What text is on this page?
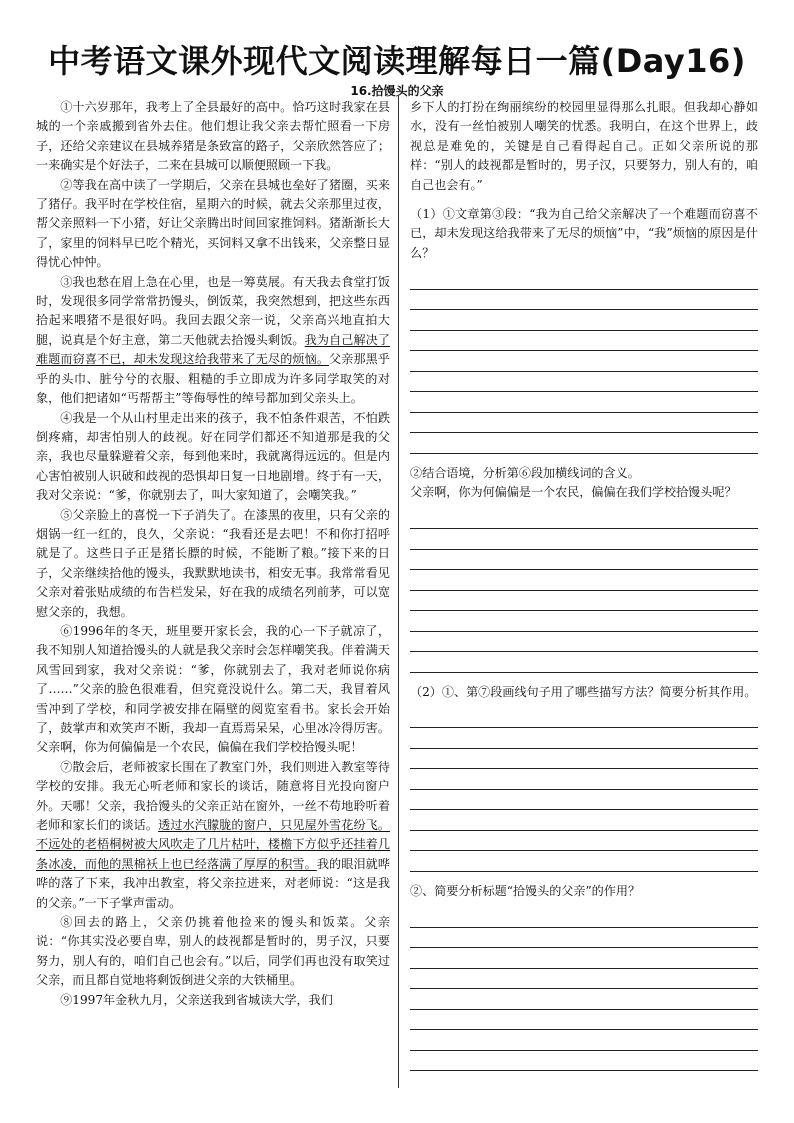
中考语文课外现代文阅读理解每日一篇(Day16)
16.拾馒头的父亲

①十六岁那年，我考上了全县最好的高中。恰巧这时我家在县城的一个亲戚搬到省外去住。他们想让我父亲去帮忙照看一下房子，还给父亲建议在县城养猪是条致富的路子，父亲欣然答应了；一来确实是个好法子，二来在县城可以顺便照顾一下我。

②等我在高中读了一学期后，父亲在县城也垒好了猪圈，买来了猪仔。我平时在学校住宿，星期六的时候，就去父亲那里过夜，帮父亲照料一下小猪，好让父亲腾出时间回家推饲料。猪渐渐长大了，家里的饲料早已吃个精光，买饲料又拿不出钱来，父亲整日显得忧心忡忡。

③我也愁在眉上急在心里，也是一筹莫展。有天我去食堂打饭时，发现很多同学常常扔馒头，倒饭菜，我突然想到，把这些东西拾起来喂猪不是很好吗。我回去跟父亲一说，父亲高兴地直拍大腿，说真是个好主意，第二天他就去拾馒头剩饭。我为自己解决了难题而窃喜不已，却未发现这给我带来了无尽的烦恼。父亲那黑乎乎的头巾、脏兮兮的衣服、粗糙的手立即成为许多同学取笑的对象，他们把诸如“丐帮帮主”等侮辱性的绰号都加到父亲头上。

④我是一个从山村里走出来的孩子，我不怕条件艰苦，不怕跌倒疼痛，却害怕别人的歧视。好在同学们都还不知道那是我的父亲，我也尽量躲避着父亲，每到他来时，我就离得远远的。但是内心害怕被别人识破和歧视的恐惧却日复一日地剧增。终于有一天，我对父亲说：“爹，你就别去了，叫大家知道了，会嘲笑我。”

⑤父亲脸上的喜悦一下子消失了。在漆黑的夜里，只有父亲的烟锅一红一红的，良久，父亲说：“我看还是去吧！不和你打招呼就是了。这些日子正是猪长膘的时候，不能断了粮。”接下来的日子，父亲继续拾他的馒头，我默默地读书，相安无事。我常常看见父亲对着张贴成绩的布告栏发呆，好在我的成绩名列前茅，可以宽慰父亲的，我想。

⑥1996年的冬天，班里要开家长会，我的心一下子就凉了，我不知别人知道拾馒头的人就是我父亲时会怎样嘲笑我。伴着满天风雪回到家，我对父亲说：“爹，你就别去了，我对老师说你病了……”父亲的脸色很难看，但究竟没说什么。第二天，我冒着风雪冲到了学校，和同学被安排在隔壁的阅览室看书。家长会开始了，鼓掌声和欢笑声不断，我却一直焉焉呆呆，心里冰冷得厉害。父亲啊，你为何偏偏是一个农民，偏偏在我们学校拾馒头呢！

⑦散会后，老师被家长围在了教室门外，我们则进入教室等待学校的安排。我无心听老师和家长的谈话，随意将目光投向窗户外。天哪！父亲，我拾馒头的父亲正站在窗外，一丝不苟地聆听着老师和家长们的谈话。透过水汽朦胧的窗户，只见屋外雪花纷飞。不远处的老梧桐树被大风吹走了几片枯叶，楼檐下方似乎还挂着几条冰凌，而他的黑棉袄上也已经落满了厚厚的积雪。我的眼泪就哗哗的落了下来，我冲出教室，将父亲拉进来，对老师说：“这是我的父亲。”一下子掌声雷动。

⑧回去的路上，父亲仍挑着他捡来的馒头和饭菜。父亲说：“你其实没必要自卑，别人的歧视都是暂时的，男子汉，只要努力，别人有的，咱们自己也会有。”以后，同学们再也没有取笑过父亲，而且都自觉地将剩饭倒进父亲的大铁桶里。

⑨1997年金秋九月，父亲送我到省城读大学，我们

乡下人的打扮在绚丽缤纷的校园里显得那么扎眼。但我却心静如水，没有一丝怕被别人嘲笑的忧悉。我明白，在这个世界上，歧视总是难免的，关键是自己看得起自己。正如父亲所说的那样：“别人的歧视都是暂时的，男子汉，只要努力，别人有的，咱自己也会有。”

（1）①文章第③段：“我为自己给父亲解决了一个难题而窃喜不已，却未发现这给我带来了无尽的烦恼”中，“我”烦恼的原因是什么？

②结合语境，分析第⑥段加横线词的含义。

父亲啊，你为何偏偏是一个农民，偏偏在我们学校拾馒头呢？

（2）①、第⑦段画线句子用了哪些描写方法？简要分析其作用。

②、简要分析标题“拾馒头的父亲”的作用？
